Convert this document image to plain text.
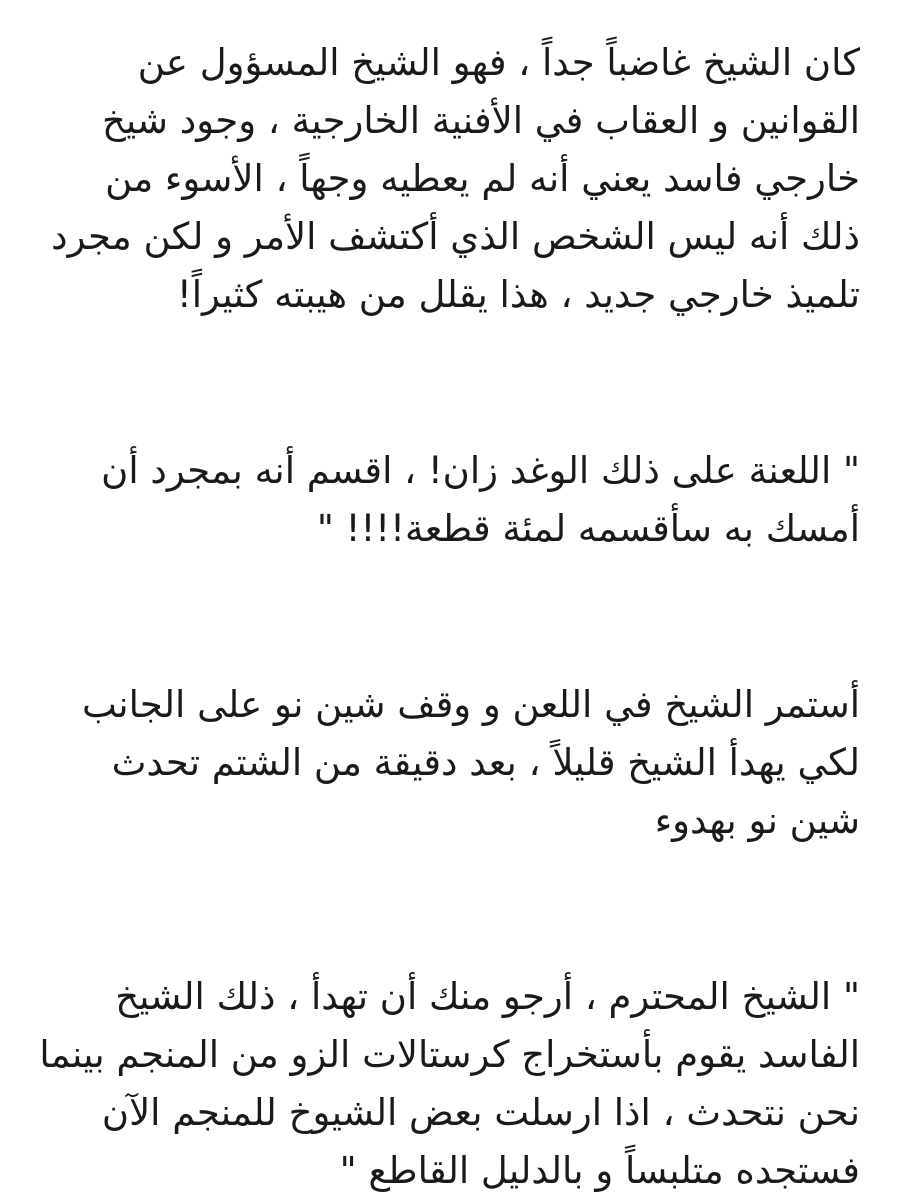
كان الشيخ غاضباً جداً ، فهو الشيخ المسؤول عن
القوانين و العقاب في الأفنية الخارجية ، وجود شيخ
خارجي فاسد يعني أنه لم يعطيه وجهاً ، الأسوء من
ذلك أنه ليس الشخص الذي أكتشف الأمر و لكن مجرد
تلميذ خارجي جديد ، هذا يقلل من هيبته كثيراً!

" اللعنة على ذلك الوغد زان! ، اقسم أنه بمجرد أن
أمسك به سأقسمه لمئة قطعة!!!! "

أستمر الشيخ في اللعن و وقف شين نو على الجانب
لكي يهدأ الشيخ قليلاً ، بعد دقيقة من الشتم تحدث
شين نو بهدوء

" الشيخ المحترم ، أرجو منك أن تهدأ ، ذلك الشيخ
الفاسد يقوم بأستخراج كرستالات الزو من المنجم بينما
نحن نتحدث ، اذا ارسلت بعض الشيوخ للمنجم الآن
فستجده متلبساً و بالدليل القاطع "
